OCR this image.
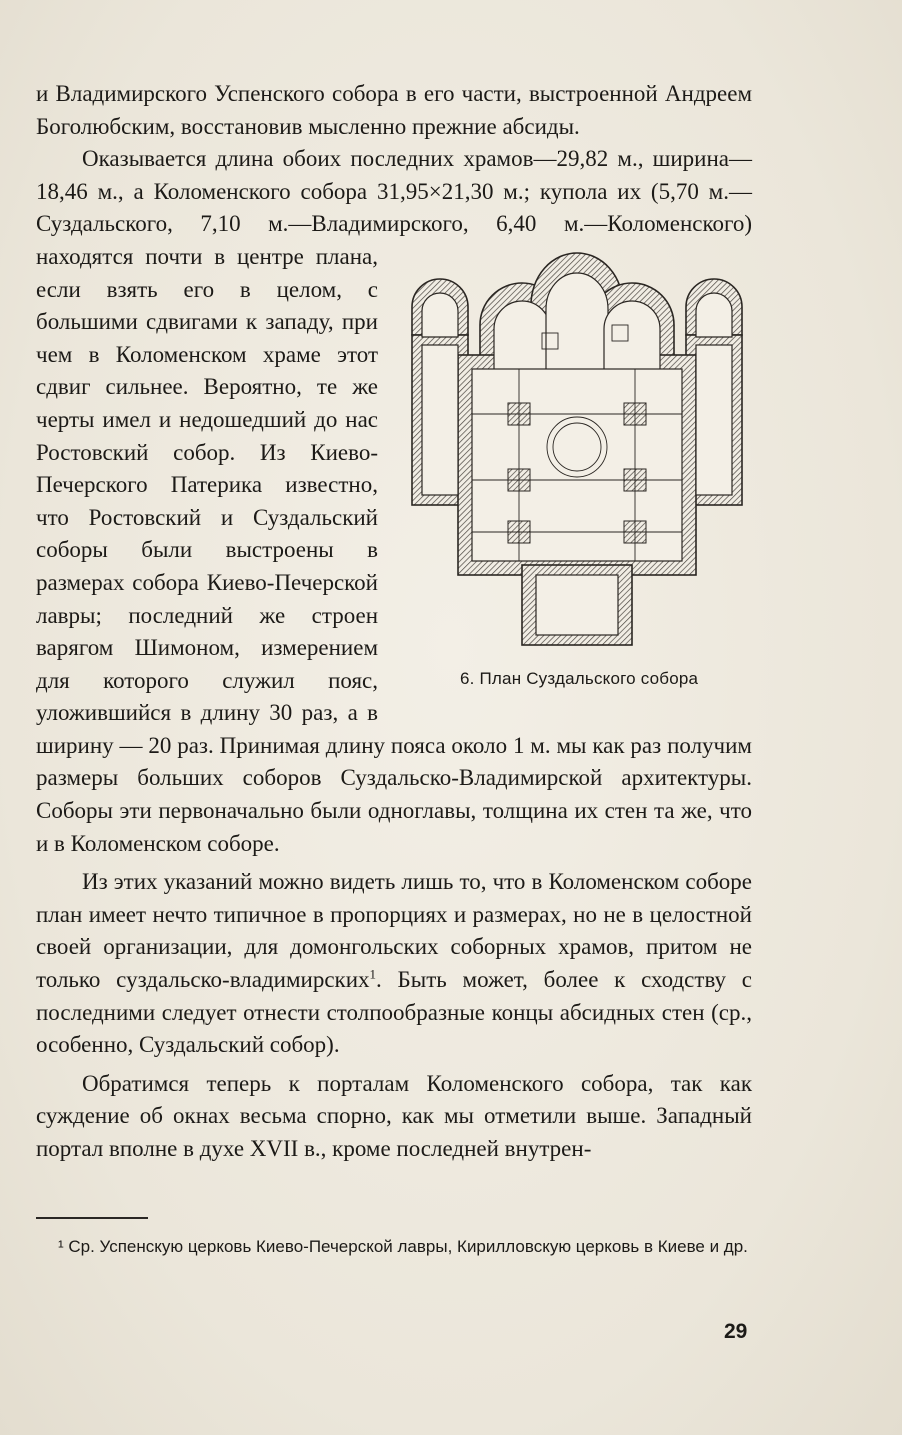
и Владимирского Успенского собора в его части, выстроенной Андреем Боголюбским, восстановив мысленно прежние абсиды.

Оказывается длина обоих последних храмов—29,82 м., ширина—18,46 м., а Коломенского собора 31,95×21,30 м.; купола их (5,70 м.—Суздальского, 7,10 м.—Владимирского, 6,40 м.—Коломенского)
6. План Суздальского собора
находятся почти в центре плана, если взять его в целом, с большими сдвигами к западу, при чем в Коломенском храме этот сдвиг сильнее. Вероятно, те же черты имел и недошедший до нас Ростовский собор. Из Киево-Печерского Патерика известно, что Ростовский и Суздальский соборы были выстроены в размерах собора Киево-Печерской лавры; последний же строен варягом Шимоном, измерением для которого служил пояс, уложившийся в длину 30 раз, а в ширину — 20 раз. Принимая длину пояса около 1 м. мы как раз получим размеры больших соборов Суздальско-Владимирской архитектуры. Соборы эти первоначально были одноглавы, толщина их стен та же, что и в Коломенском соборе.

Из этих указаний можно видеть лишь то, что в Коломенском соборе план имеет нечто типичное в пропорциях и размерах, но не в целостной своей организации, для домонгольских соборных храмов, притом не только суздальско-владимирских$^1$. Быть может, более к сходству с последними следует отнести столпообразные концы абсидных стен (ср., особенно, Суздальский собор).

Обратимся теперь к порталам Коломенского собора, так как суждение об окнах весьма спорно, как мы отметили выше. Западный портал вполне в духе XVII в., кроме последней внутрен-

¹ Ср. Успенскую церковь Киево-Печерской лавры, Кирилловскую церковь в Киеве и др.
29
